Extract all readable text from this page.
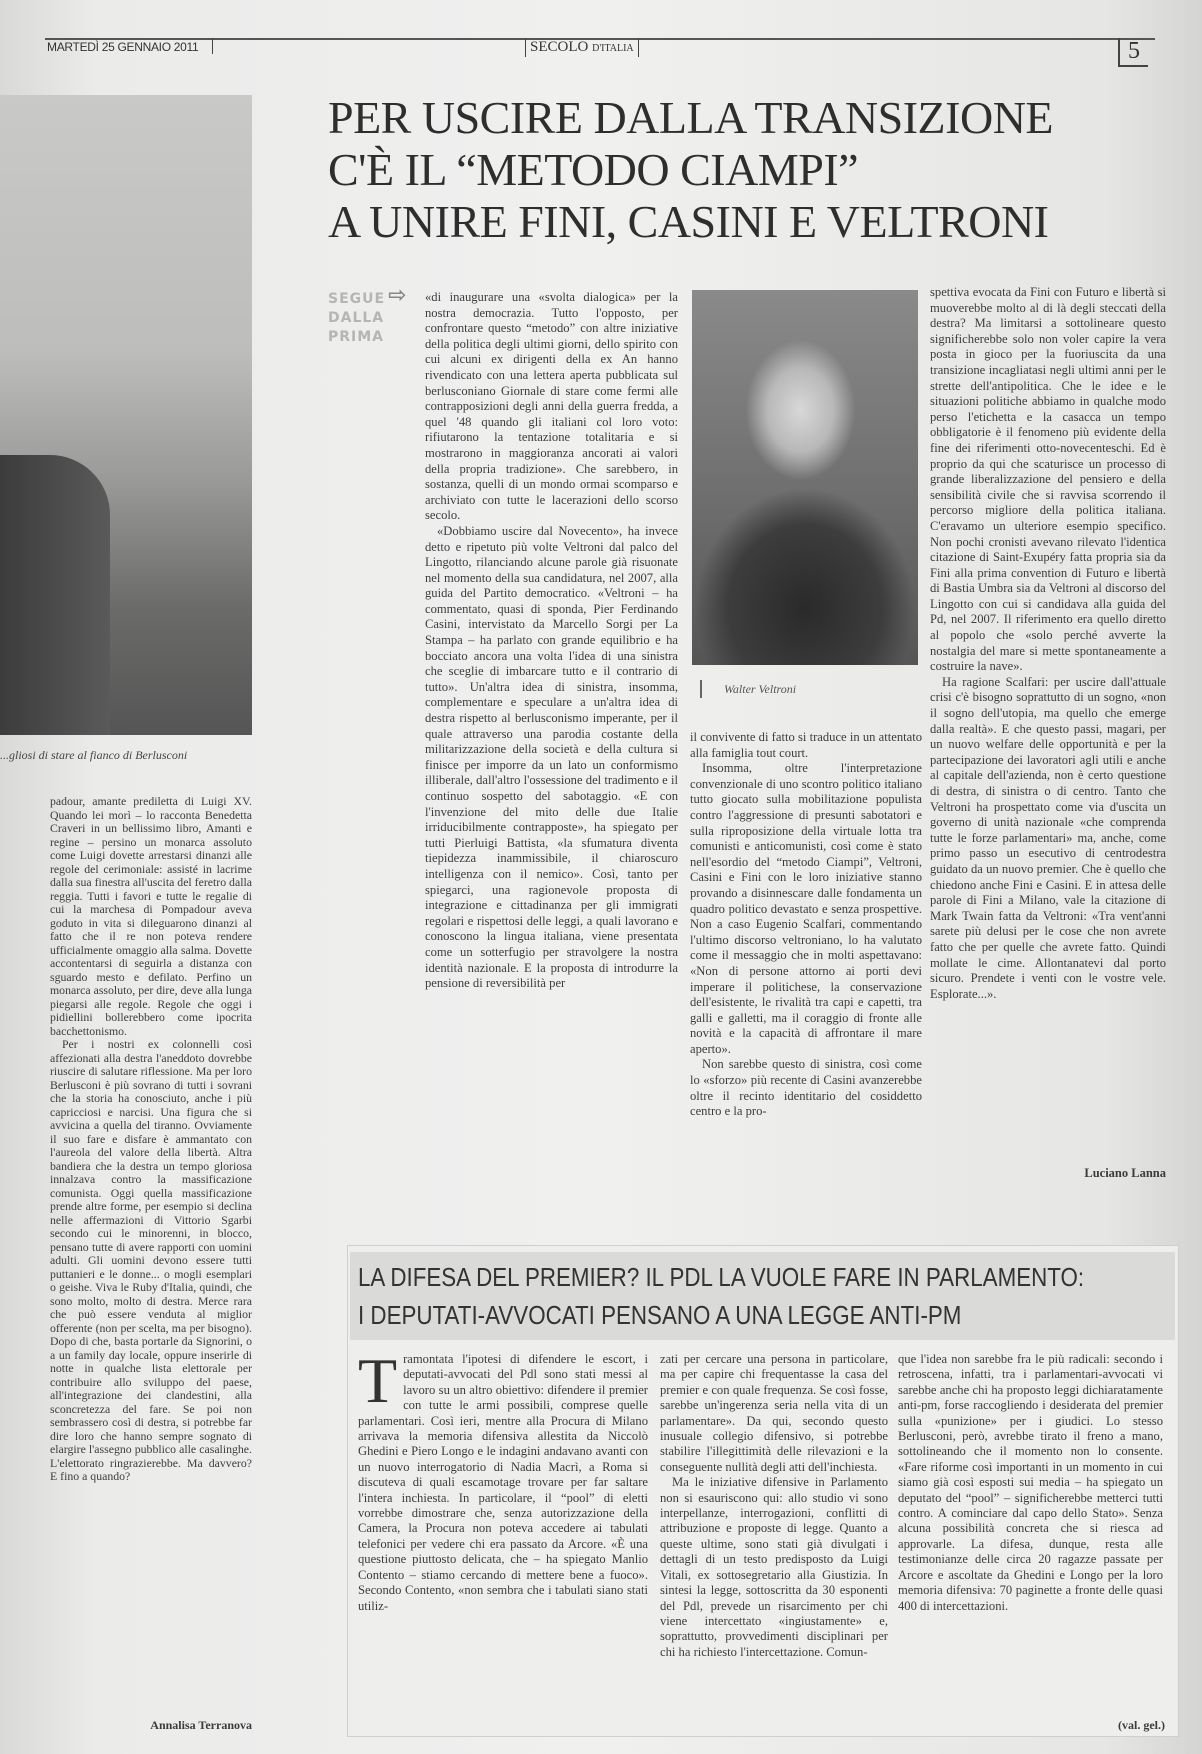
MARTEDÌ 25 GENNAIO 2011	SECOLO D'ITALIA	5
...gliosi di stare al fianco di Berlusconi

padour, amante prediletta di Luigi XV. Quando lei morì – lo racconta Benedetta Craveri in un bellissimo libro, Amanti e regine – persino un monarca assoluto come Luigi dovette arrestarsi dinanzi alle regole del cerimoniale: assisté in lacrime dalla sua finestra all'uscita del feretro dalla reggia. Tutti i favori e tutte le regalie di cui la marchesa di Pompadour aveva goduto in vita si dileguarono dinanzi al fatto che il re non poteva rendere ufficialmente omaggio alla salma. Dovette accontentarsi di seguirla a distanza con sguardo mesto e defilato. Perfino un monarca assoluto, per dire, deve alla lunga piegarsi alle regole. Regole che oggi i pidiellini bollerebbero come ipocrita bacchettonismo.

Per i nostri ex colonnelli così affezionati alla destra l'aneddoto dovrebbe riuscire di salutare riflessione. Ma per loro Berlusconi è più sovrano di tutti i sovrani che la storia ha conosciuto, anche i più capricciosi e narcisi. Una figura che si avvicina a quella del tiranno. Ovviamente il suo fare e disfare è ammantato con l'aureola del valore della libertà. Altra bandiera che la destra un tempo gloriosa innalzava contro la massificazione comunista. Oggi quella massificazione prende altre forme, per esempio si declina nelle affermazioni di Vittorio Sgarbi secondo cui le minorenni, in blocco, pensano tutte di avere rapporti con uomini adulti. Gli uomini devono essere tutti puttanieri e le donne... o mogli esemplari o geishe. Viva le Ruby d'Italia, quindi, che sono molto, molto di destra. Merce rara che può essere venduta al miglior offerente (non per scelta, ma per bisogno). Dopo di che, basta portarle da Signorini, o a un family day locale, oppure inserirle di notte in qualche lista elettorale per contribuire allo sviluppo del paese, all'integrazione dei clandestini, alla sconcretezza del fare. Se poi non sembrassero così di destra, si potrebbe far dire loro che hanno sempre sognato di elargire l'assegno pubblico alle casalinghe. L'elettorato ringrazierebbe. Ma davvero? E fino a quando?

Annalisa Terranova
PER USCIRE DALLA TRANSIZIONE
C'È IL “METODO CIAMPI”
A UNIRE FINI, CASINI E VELTRONI
⇨
SEGUE
DALLA
PRIMA

«di inaugurare una «svolta dialogica» per la nostra democrazia. Tutto l'opposto, per confrontare questo “metodo” con altre iniziative della politica degli ultimi giorni, dello spirito con cui alcuni ex dirigenti della ex An hanno rivendicato con una lettera aperta pubblicata sul berlusconiano Giornale di stare come fermi alle contrapposizioni degli anni della guerra fredda, a quel '48 quando gli italiani col loro voto: rifiutarono la tentazione totalitaria e si mostrarono in maggioranza ancorati ai valori della propria tradizione». Che sarebbero, in sostanza, quelli di un mondo ormai scomparso e archiviato con tutte le lacerazioni dello scorso secolo.

«Dobbiamo uscire dal Novecento», ha invece detto e ripetuto più volte Veltroni dal palco del Lingotto, rilanciando alcune parole già risuonate nel momento della sua candidatura, nel 2007, alla guida del Partito democratico. «Veltroni – ha commentato, quasi di sponda, Pier Ferdinando Casini, intervistato da Marcello Sorgi per La Stampa – ha parlato con grande equilibrio e ha bocciato ancora una volta l'idea di una sinistra che sceglie di imbarcare tutto e il contrario di tutto». Un'altra idea di sinistra, insomma, complementare e speculare a un'altra idea di destra rispetto al berlusconismo imperante, per il quale attraverso una parodia costante della militarizzazione della società e della cultura si finisce per imporre da un lato un conformismo illiberale, dall'altro l'ossessione del tradimento e il continuo sospetto del sabotaggio. «E con l'invenzione del mito delle due Italie irriducibilmente contrapposte», ha spiegato per tutti Pierluigi Battista, «la sfumatura diventa tiepidezza inammissibile, il chiaroscuro intelligenza con il nemico». Così, tanto per spiegarci, una ragionevole proposta di integrazione e cittadinanza per gli immigrati regolari e rispettosi delle leggi, a quali lavorano e conoscono la lingua italiana, viene presentata come un sotterfugio per stravolgere la nostra identità nazionale. E la proposta di introdurre la pensione di reversibilità per

Walter Veltroni

il convivente di fatto si traduce in un attentato alla famiglia tout court.

Insomma, oltre l'interpretazione convenzionale di uno scontro politico italiano tutto giocato sulla mobilitazione populista contro l'aggressione di presunti sabotatori e sulla riproposizione della virtuale lotta tra comunisti e anticomunisti, così come è stato nell'esordio del “metodo Ciampi”, Veltroni, Casini e Fini con le loro iniziative stanno provando a disinnescare dalle fondamenta un quadro politico devastato e senza prospettive. Non a caso Eugenio Scalfari, commentando l'ultimo discorso veltroniano, lo ha valutato come il messaggio che in molti aspettavano: «Non di persone attorno ai porti devi imperare il politichese, la conservazione dell'esistente, le rivalità tra capi e capetti, tra galli e galletti, ma il coraggio di fronte alle novità e la capacità di affrontare il mare aperto».

Non sarebbe questo di sinistra, così come lo «sforzo» più recente di Casini avanzerebbe oltre il recinto identitario del cosiddetto centro e la pro-

spettiva evocata da Fini con Futuro e libertà si muoverebbe molto al di là degli steccati della destra? Ma limitarsi a sottolineare questo significherebbe solo non voler capire la vera posta in gioco per la fuoriuscita da una transizione incagliatasi negli ultimi anni per le strette dell'antipolitica. Che le idee e le situazioni politiche abbiamo in qualche modo perso l'etichetta e la casacca un tempo obbligatorie è il fenomeno più evidente della fine dei riferimenti otto-novecenteschi. Ed è proprio da qui che scaturisce un processo di grande liberalizzazione del pensiero e della sensibilità civile che si ravvisa scorrendo il percorso migliore della politica italiana. C'eravamo un ulteriore esempio specifico. Non pochi cronisti avevano rilevato l'identica citazione di Saint-Exupéry fatta propria sia da Fini alla prima convention di Futuro e libertà di Bastia Umbra sia da Veltroni al discorso del Lingotto con cui si candidava alla guida del Pd, nel 2007. Il riferimento era quello diretto al popolo che «solo perché avverte la nostalgia del mare si mette spontaneamente a costruire la nave».

Ha ragione Scalfari: per uscire dall'attuale crisi c'è bisogno soprattutto di un sogno, «non il sogno dell'utopia, ma quello che emerge dalla realtà». E che questo passi, magari, per un nuovo welfare delle opportunità e per la partecipazione dei lavoratori agli utili e anche al capitale dell'azienda, non è certo questione di destra, di sinistra o di centro. Tanto che Veltroni ha prospettato come via d'uscita un governo di unità nazionale «che comprenda tutte le forze parlamentari» ma, anche, come primo passo un esecutivo di centrodestra guidato da un nuovo premier. Che è quello che chiedono anche Fini e Casini. E in attesa delle parole di Fini a Milano, vale la citazione di Mark Twain fatta da Veltroni: «Tra vent'anni sarete più delusi per le cose che non avrete fatto che per quelle che avrete fatto. Quindi mollate le cime. Allontanatevi dal porto sicuro. Prendete i venti con le vostre vele. Esplorate...».

Luciano Lanna
LA DIFESA DEL PREMIER? IL PDL LA VUOLE FARE IN PARLAMENTO:
I DEPUTATI-AVVOCATI PENSANO A UNA LEGGE ANTI-PM

Tramontata l'ipotesi di difendere le escort, i deputati-avvocati del Pdl sono stati messi al lavoro su un altro obiettivo: difendere il premier con tutte le armi possibili, comprese quelle parlamentari. Così ieri, mentre alla Procura di Milano arrivava la memoria difensiva allestita da Niccolò Ghedini e Piero Longo e le indagini andavano avanti con un nuovo interrogatorio di Nadia Macrì, a Roma si discuteva di quali escamotage trovare per far saltare l'intera inchiesta. In particolare, il “pool” di eletti vorrebbe dimostrare che, senza autorizzazione della Camera, la Procura non poteva accedere ai tabulati telefonici per vedere chi era passato da Arcore. «È una questione piuttosto delicata, che – ha spiegato Manlio Contento – stiamo cercando di mettere bene a fuoco». Secondo Contento, «non sembra che i tabulati siano stati utiliz-

zati per cercare una persona in particolare, ma per capire chi frequentasse la casa del premier e con quale frequenza. Se così fosse, sarebbe un'ingerenza seria nella vita di un parlamentare». Da qui, secondo questo inusuale collegio difensivo, si potrebbe stabilire l'illegittimità delle rilevazioni e la conseguente nullità degli atti dell'inchiesta.

Ma le iniziative difensive in Parlamento non si esauriscono qui: allo studio vi sono interpellanze, interrogazioni, conflitti di attribuzione e proposte di legge. Quanto a queste ultime, sono stati già divulgati i dettagli di un testo predisposto da Luigi Vitali, ex sottosegretario alla Giustizia. In sintesi la legge, sottoscritta da 30 esponenti del Pdl, prevede un risarcimento per chi viene intercettato «ingiustamente» e, soprattutto, provvedimenti disciplinari per chi ha richiesto l'intercettazione. Comun-

que l'idea non sarebbe fra le più radicali: secondo i retroscena, infatti, tra i parlamentari-avvocati vi sarebbe anche chi ha proposto leggi dichiaratamente anti-pm, forse raccogliendo i desiderata del premier sulla «punizione» per i giudici. Lo stesso Berlusconi, però, avrebbe tirato il freno a mano, sottolineando che il momento non lo consente. «Fare riforme così importanti in un momento in cui siamo già così esposti sui media – ha spiegato un deputato del “pool” – significherebbe metterci tutti contro. A cominciare dal capo dello Stato». Senza alcuna possibilità concreta che si riesca ad approvarle. La difesa, dunque, resta alle testimonianze delle circa 20 ragazze passate per Arcore e ascoltate da Ghedini e Longo per la loro memoria difensiva: 70 paginette a fronte delle quasi 400 di intercettazioni.

(val. gel.)
